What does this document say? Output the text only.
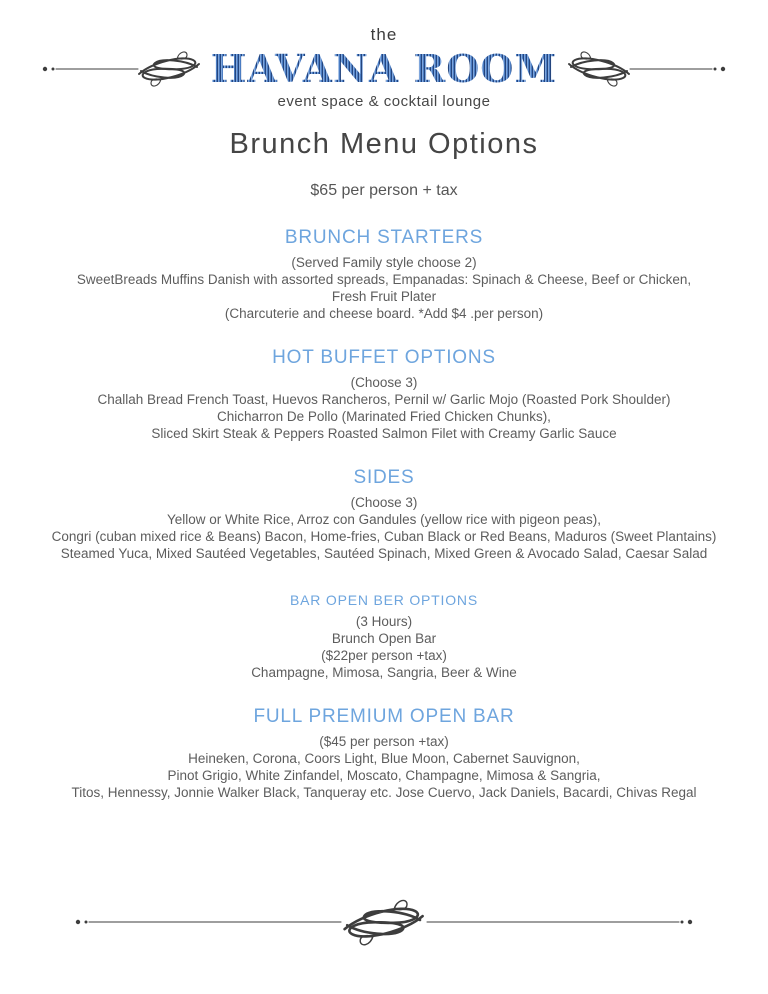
the
HAVANA ROOM
event space & cocktail lounge
Brunch Menu Options
$65 per person + tax
BRUNCH STARTERS

(Served Family style choose 2)

SweetBreads Muffins Danish with assorted spreads, Empanadas: Spinach & Cheese, Beef or Chicken,

Fresh Fruit Plater

(Charcuterie and cheese board. *Add $4 .per person)

HOT BUFFET OPTIONS

(Choose 3)

Challah Bread French Toast, Huevos Rancheros, Pernil w/ Garlic Mojo (Roasted Pork Shoulder)

Chicharron De Pollo (Marinated Fried Chicken Chunks),

Sliced Skirt Steak & Peppers Roasted Salmon Filet with Creamy Garlic Sauce

SIDES

(Choose 3)

Yellow or White Rice, Arroz con Gandules (yellow rice with pigeon peas),

Congri (cuban mixed rice & Beans) Bacon, Home-fries, Cuban Black or Red Beans, Maduros (Sweet Plantains)

Steamed Yuca, Mixed Sautéed Vegetables, Sautéed Spinach, Mixed Green & Avocado Salad, Caesar Salad

BAR OPEN BER OPTIONS

(3 Hours)

Brunch Open Bar

($22per person +tax)

Champagne, Mimosa, Sangria, Beer & Wine

FULL PREMIUM OPEN BAR

($45 per person +tax)

Heineken, Corona, Coors Light, Blue Moon, Cabernet Sauvignon,

Pinot Grigio, White Zinfandel, Moscato, Champagne, Mimosa & Sangria,

Titos, Hennessy, Jonnie Walker Black, Tanqueray etc. Jose Cuervo, Jack Daniels, Bacardi, Chivas Regal
